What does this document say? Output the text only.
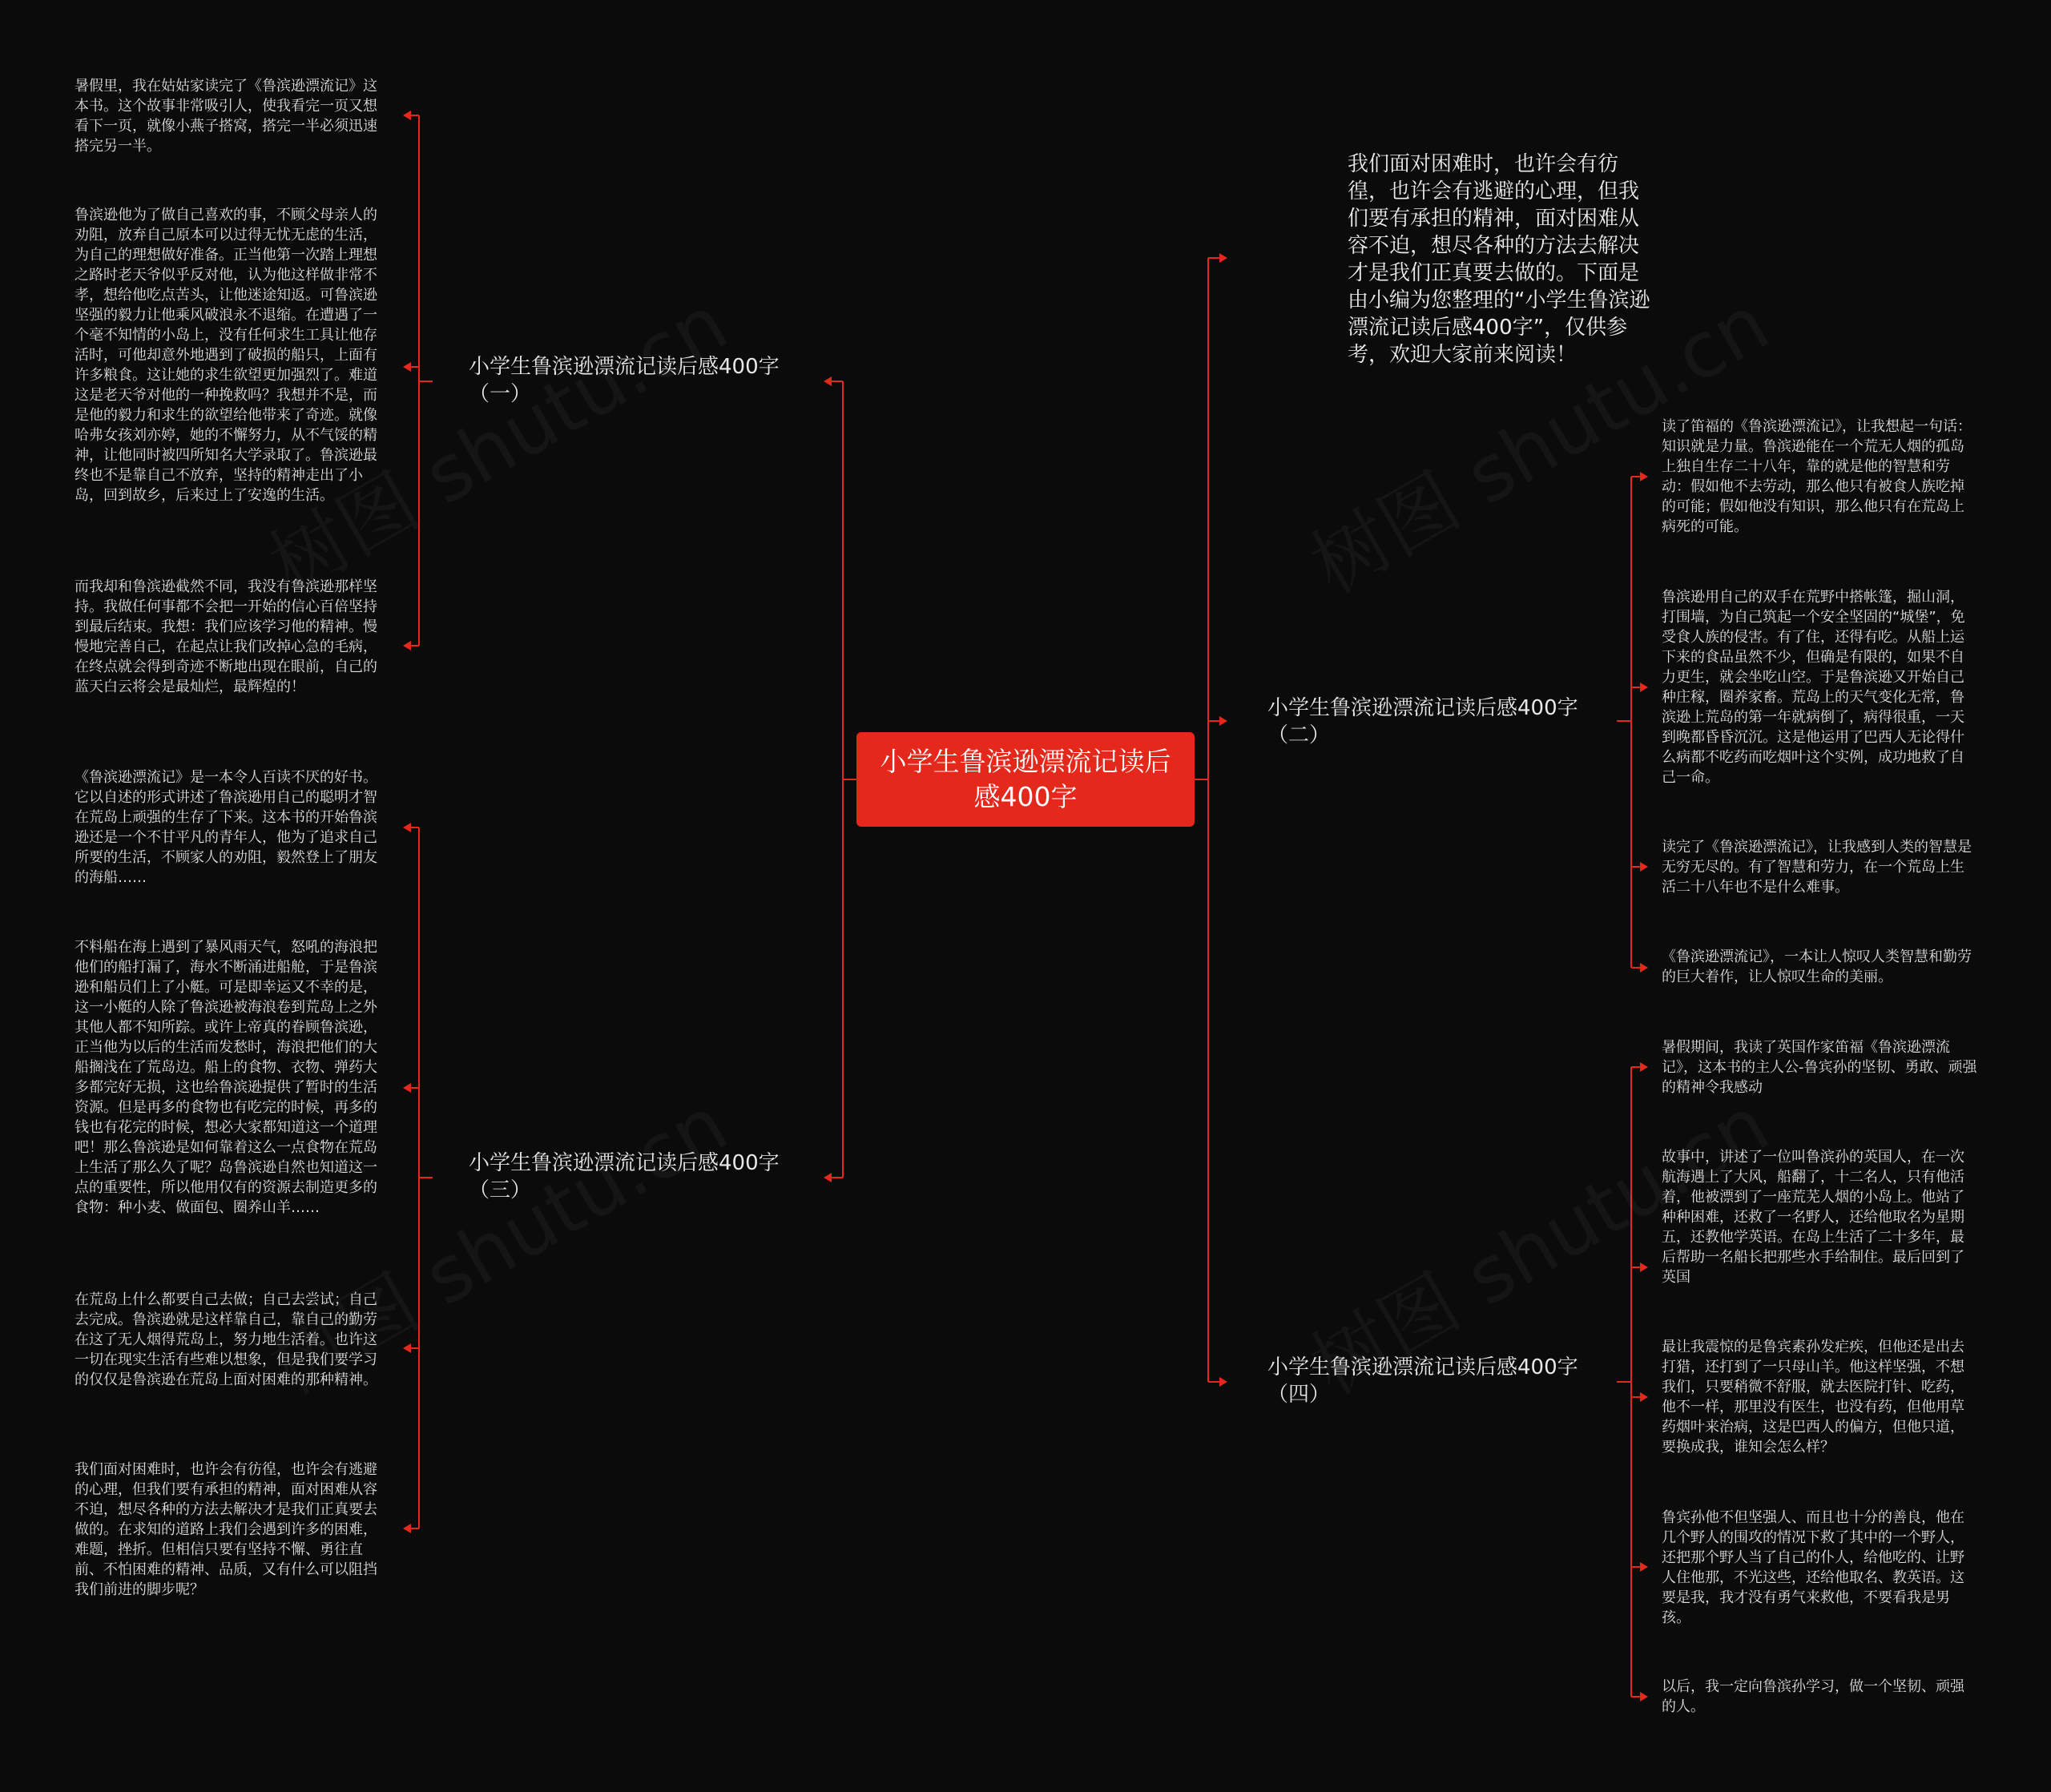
小学生鲁滨逊漂流记读后感400字
我们面对困难时，也许会有彷徨，也许会有逃避的心理，但我们要有承担的精神，面对困难从容不迫，想尽各种的方法去解决才是我们正真要去做的。下面是由小编为您整理的“小学生鲁滨逊漂流记读后感400字”，仅供参考，欢迎大家前来阅读！
小学生鲁滨逊漂流记读后感400字（一）
小学生鲁滨逊漂流记读后感400字（三）
小学生鲁滨逊漂流记读后感400字（二）
小学生鲁滨逊漂流记读后感400字（四）
暑假里，我在姑姑家读完了《鲁滨逊漂流记》这本书。这个故事非常吸引人，使我看完一页又想看下一页，就像小燕子搭窝，搭完一半必须迅速搭完另一半。
鲁滨逊他为了做自己喜欢的事，不顾父母亲人的劝阻，放弃自己原本可以过得无忧无虑的生活，为自己的理想做好准备。正当他第一次踏上理想之路时老天爷似乎反对他，认为他这样做非常不孝，想给他吃点苦头，让他迷途知返。可鲁滨逊坚强的毅力让他乘风破浪永不退缩。在遭遇了一个毫不知情的小岛上，没有任何求生工具让他存活时，可他却意外地遇到了破损的船只，上面有许多粮食。这让她的求生欲望更加强烈了。难道这是老天爷对他的一种挽救吗？我想并不是，而是他的毅力和求生的欲望给他带来了奇迹。就像哈弗女孩刘亦婷，她的不懈努力，从不气馁的精神，让他同时被四所知名大学录取了。鲁滨逊最终也不是靠自己不放弃，坚持的精神走出了小岛，回到故乡，后来过上了安逸的生活。
而我却和鲁滨逊截然不同，我没有鲁滨逊那样坚持。我做任何事都不会把一开始的信心百倍坚持到最后结束。我想：我们应该学习他的精神。慢慢地完善自己，在起点让我们改掉心急的毛病，在终点就会得到奇迹不断地出现在眼前，自己的蓝天白云将会是最灿烂，最辉煌的！
《鲁滨逊漂流记》是一本令人百读不厌的好书。它以自述的形式讲述了鲁滨逊用自己的聪明才智在荒岛上顽强的生存了下来。这本书的开始鲁滨逊还是一个不甘平凡的青年人，他为了追求自己所要的生活，不顾家人的劝阻，毅然登上了朋友的海船……
不料船在海上遇到了暴风雨天气，怒吼的海浪把他们的船打漏了，海水不断涌进船舱，于是鲁滨逊和船员们上了小艇。可是即幸运又不幸的是，这一小艇的人除了鲁滨逊被海浪卷到荒岛上之外其他人都不知所踪。或许上帝真的眷顾鲁滨逊，正当他为以后的生活而发愁时，海浪把他们的大船搁浅在了荒岛边。船上的食物、衣物、弹药大多都完好无损，这也给鲁滨逊提供了暂时的生活资源。但是再多的食物也有吃完的时候，再多的钱也有花完的时候，想必大家都知道这一个道理吧！那么鲁滨逊是如何靠着这么一点食物在荒岛上生活了那么久了呢？岛鲁滨逊自然也知道这一点的重要性，所以他用仅有的资源去制造更多的食物：种小麦、做面包、圈养山羊……
在荒岛上什么都要自己去做；自己去尝试；自己去完成。鲁滨逊就是这样靠自己，靠自己的勤劳在这了无人烟得荒岛上，努力地生活着。也许这一切在现实生活有些难以想象，但是我们要学习的仅仅是鲁滨逊在荒岛上面对困难的那种精神。
我们面对困难时，也许会有彷徨，也许会有逃避的心理，但我们要有承担的精神，面对困难从容不迫，想尽各种的方法去解决才是我们正真要去做的。在求知的道路上我们会遇到许多的困难，难题，挫折。但相信只要有坚持不懈、勇往直前、不怕困难的精神、品质，又有什么可以阻挡我们前进的脚步呢？
读了笛福的《鲁滨逊漂流记》，让我想起一句话：知识就是力量。鲁滨逊能在一个荒无人烟的孤岛上独自生存二十八年，靠的就是他的智慧和劳动：假如他不去劳动，那么他只有被食人族吃掉的可能；假如他没有知识，那么他只有在荒岛上病死的可能。
鲁滨逊用自己的双手在荒野中搭帐篷，掘山洞，打围墙，为自己筑起一个安全坚固的“城堡”，免受食人族的侵害。有了住，还得有吃。从船上运下来的食品虽然不少，但确是有限的，如果不自力更生，就会坐吃山空。于是鲁滨逊又开始自己种庄稼，圈养家畜。荒岛上的天气变化无常，鲁滨逊上荒岛的第一年就病倒了，病得很重，一天到晚都昏昏沉沉。这是他运用了巴西人无论得什么病都不吃药而吃烟叶这个实例，成功地救了自己一命。
读完了《鲁滨逊漂流记》，让我感到人类的智慧是无穷无尽的。有了智慧和劳力，在一个荒岛上生活二十八年也不是什么难事。
《鲁滨逊漂流记》，一本让人惊叹人类智慧和勤劳的巨大着作，让人惊叹生命的美丽。
暑假期间，我读了英国作家笛福《鲁滨逊漂流记》，这本书的主人公-鲁宾孙的坚韧、勇敢、顽强的精神令我感动
故事中，讲述了一位叫鲁滨孙的英国人，在一次航海遇上了大风，船翻了，十二名人，只有他活着，他被漂到了一座荒芜人烟的小岛上。他站了种种困难，还救了一名野人，还给他取名为星期五，还教他学英语。在岛上生活了二十多年，最后帮助一名船长把那些水手给制住。最后回到了英国
最让我震惊的是鲁宾素孙发疟疾，但他还是出去打猎，还打到了一只母山羊。他这样坚强，不想我们，只要稍微不舒服，就去医院打针、吃药，他不一样，那里没有医生，也没有药，但他用草药烟叶来治病，这是巴西人的偏方，但他只道，要换成我，谁知会怎么样？
鲁宾孙他不但坚强人、而且也十分的善良，他在几个野人的围攻的情况下救了其中的一个野人，还把那个野人当了自己的仆人，给他吃的、让野人住他那，不光这些，还给他取名、教英语。这要是我，我才没有勇气来救他，不要看我是男孩。
以后，我一定向鲁滨孙学习，做一个坚韧、顽强的人。
